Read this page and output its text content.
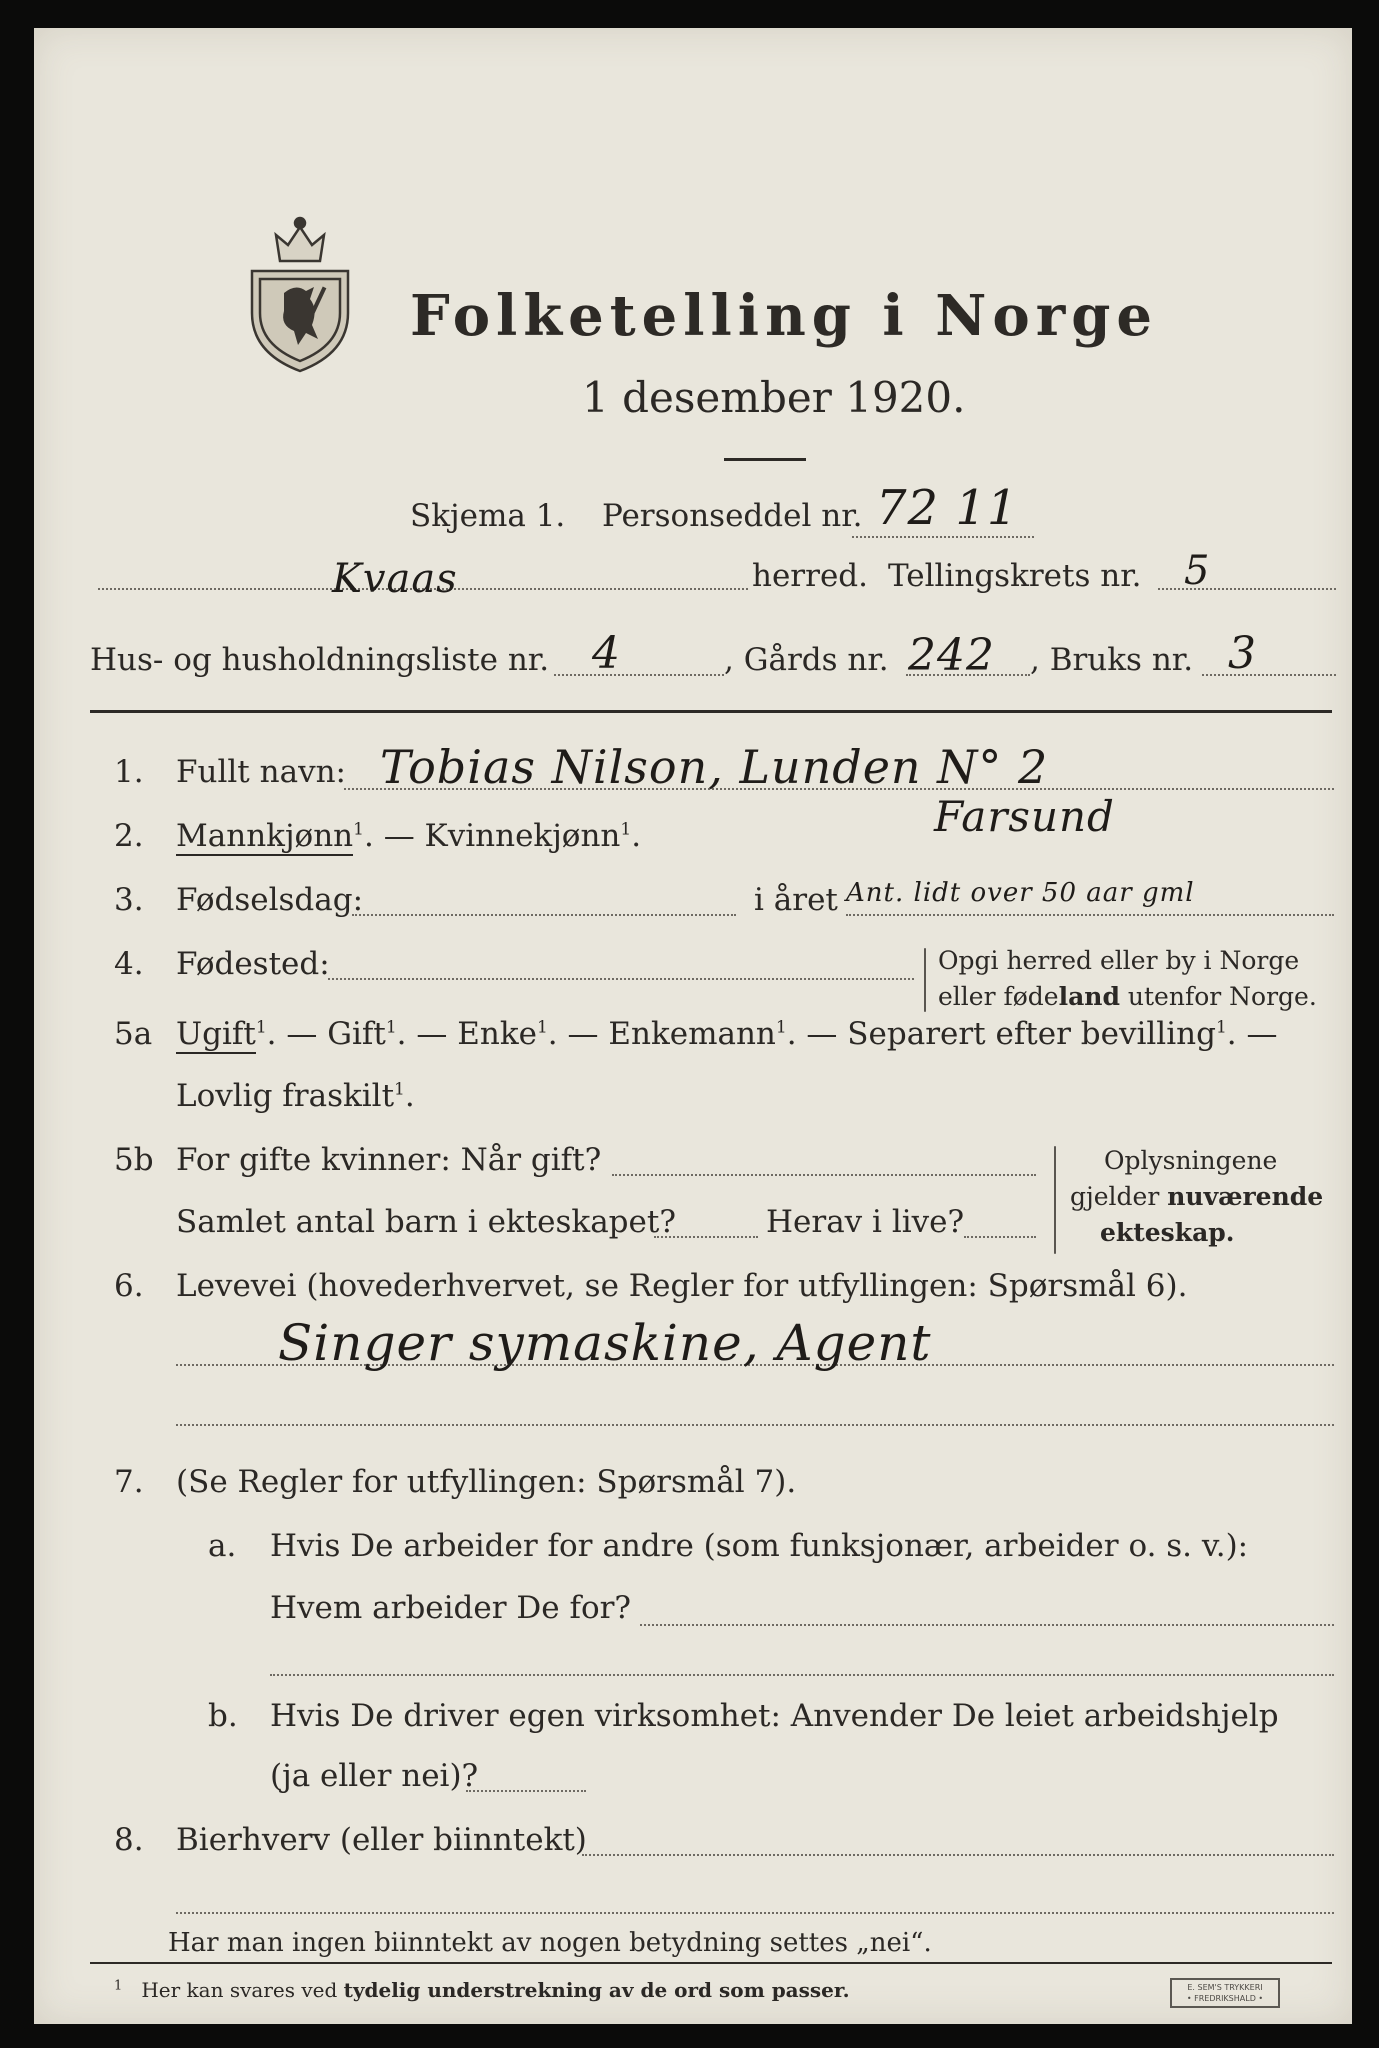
Folketelling i Norge
1 desember 1920.
Skjema 1. Personseddel nr. 72 11
Kvaas	herred. Tellingskrets nr. 5
Hus- og husholdningsliste nr. 4	, Gårds nr. 242 , Bruks nr. 3
1. Fullt navn: Tobias Nilson, Lunden N° 2
2. Mannkjønn$^1$. — Kvinnekjønn$^1$.	Farsund
3. Fødselsdag:	i året Ant. lidt over 50 aar gml
4. Fødested:	Opgi herred eller by i Norge
eller fødeland utenfor Norge.
5a Ugift$^1$. — Gift$^1$. — Enke$^1$. — Enkemann$^1$. — Separert efter bevilling$^1$. —
Lovlig fraskilt$^1$.
5b For gifte kvinner: Når gift?
Samlet antal barn i ekteskapet?	Herav i live?
Oplysningene
gjelder nuværende
ekteskap.
6. Levevei (hovederhvervet, se Regler for utfyllingen: Spørsmål 6).
Singer symaskine, Agent
7. (Se Regler for utfyllingen: Spørsmål 7).
a. Hvis De arbeider for andre (som funksjonær, arbeider o. s. v.):
Hvem arbeider De for?
b. Hvis De driver egen virksomhet: Anvender De leiet arbeidshjelp
(ja eller nei)?
8. Bierhverv (eller biinntekt)
Har man ingen biinntekt av nogen betydning settes „nei“.
$^1$ Her kan svares ved tydelig understrekning av de ord som passer.	E. SEM'S TRYKKERI
• FREDRIKSHALD •
